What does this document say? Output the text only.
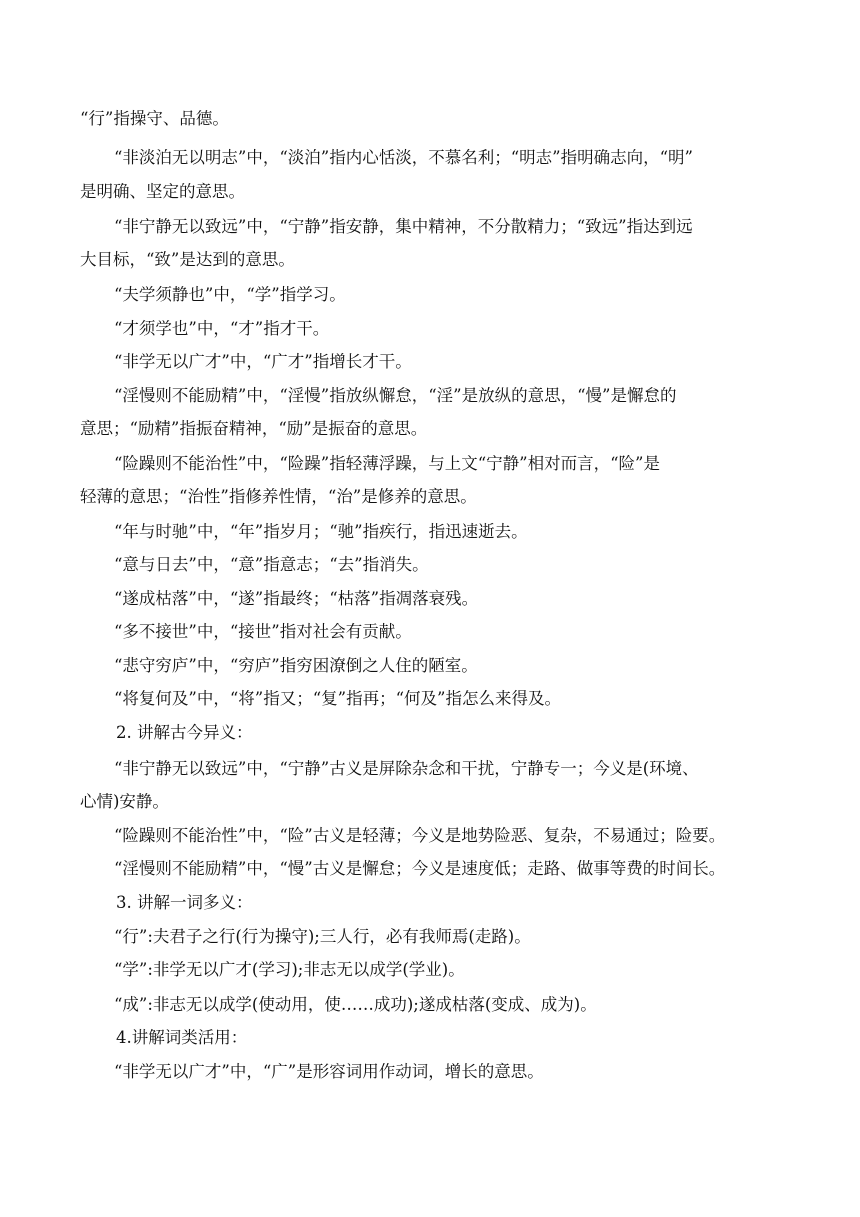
“行”指操守、品德。
“非淡泊无以明志”中，“淡泊”指内心恬淡，不慕名利；“明志”指明确志向，“明”
是明确、坚定的意思。
“非宁静无以致远”中，“宁静”指安静，集中精神，不分散精力；“致远”指达到远
大目标，“致”是达到的意思。
“夫学须静也”中，“学”指学习。
“才须学也”中，“才”指才干。
“非学无以广才”中，“广才”指增长才干。
“淫慢则不能励精”中，“淫慢”指放纵懈怠，“淫”是放纵的意思，“慢”是懈怠的
意思；“励精”指振奋精神，“励”是振奋的意思。
“险躁则不能治性”中，“险躁”指轻薄浮躁，与上文“宁静”相对而言，“险”是
轻薄的意思；“治性”指修养性情，“治”是修养的意思。
“年与时驰”中，“年”指岁月；“驰”指疾行，指迅速逝去。
“意与日去”中，“意”指意志；“去”指消失。
“遂成枯落”中，“遂”指最终；“枯落”指凋落衰残。
“多不接世”中，“接世”指对社会有贡献。
“悲守穷庐”中，“穷庐”指穷困潦倒之人住的陋室。
“将复何及”中，“将”指又；“复”指再；“何及”指怎么来得及。
2. 讲解古今异义：
“非宁静无以致远”中，“宁静”古义是屏除杂念和干扰，宁静专一；今义是(环境、
心情)安静。
“险躁则不能治性”中，“险”古义是轻薄；今义是地势险恶、复杂，不易通过；险要。
“淫慢则不能励精”中，“慢”古义是懈怠；今义是速度低；走路、做事等费的时间长。
3. 讲解一词多义：
“行”:夫君子之行(行为操守);三人行，必有我师焉(走路)。
“学”:非学无以广才(学习);非志无以成学(学业)。
“成”:非志无以成学(使动用，使……成功);遂成枯落(变成、成为)。
4.讲解词类活用：
“非学无以广才”中，“广”是形容词用作动词，增长的意思。
